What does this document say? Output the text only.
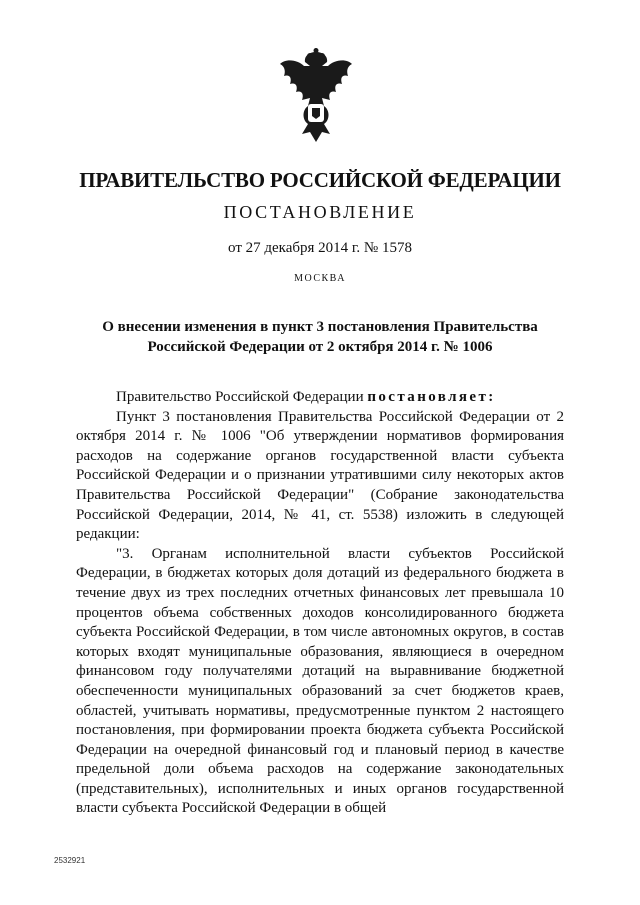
ПРАВИТЕЛЬСТВО РОССИЙСКОЙ ФЕДЕРАЦИИ
ПОСТАНОВЛЕНИЕ
от 27 декабря 2014 г. № 1578
МОСКВА
О внесении изменения в пункт 3 постановления Правительства
Российской Федерации от 2 октября 2014 г. № 1006

Правительство Российской Федерации постановляет:

Пункт 3 постановления Правительства Российской Федерации от 2 октября 2014 г. № 1006 "Об утверждении нормативов формирования расходов на содержание органов государственной власти субъекта Российской Федерации и о признании утратившими силу некоторых актов Правительства Российской Федерации" (Собрание законодательства Российской Федерации, 2014, № 41, ст. 5538) изложить в следующей редакции:

"3. Органам исполнительной власти субъектов Российской Федерации, в бюджетах которых доля дотаций из федерального бюджета в течение двух из трех последних отчетных финансовых лет превышала 10 процентов объема собственных доходов консолидированного бюджета субъекта Российской Федерации, в том числе автономных округов, в состав которых входят муниципальные образования, являющиеся в очередном финансовом году получателями дотаций на выравнивание бюджетной обеспеченности муниципальных образований за счет бюджетов краев, областей, учитывать нормативы, предусмотренные пунктом 2 настоящего постановления, при формировании проекта бюджета субъекта Российской Федерации на очередной финансовый год и плановый период в качестве предельной доли объема расходов на содержание законодательных (представительных), исполнительных и иных органов государственной власти субъекта Российской Федерации в общей

2532921
